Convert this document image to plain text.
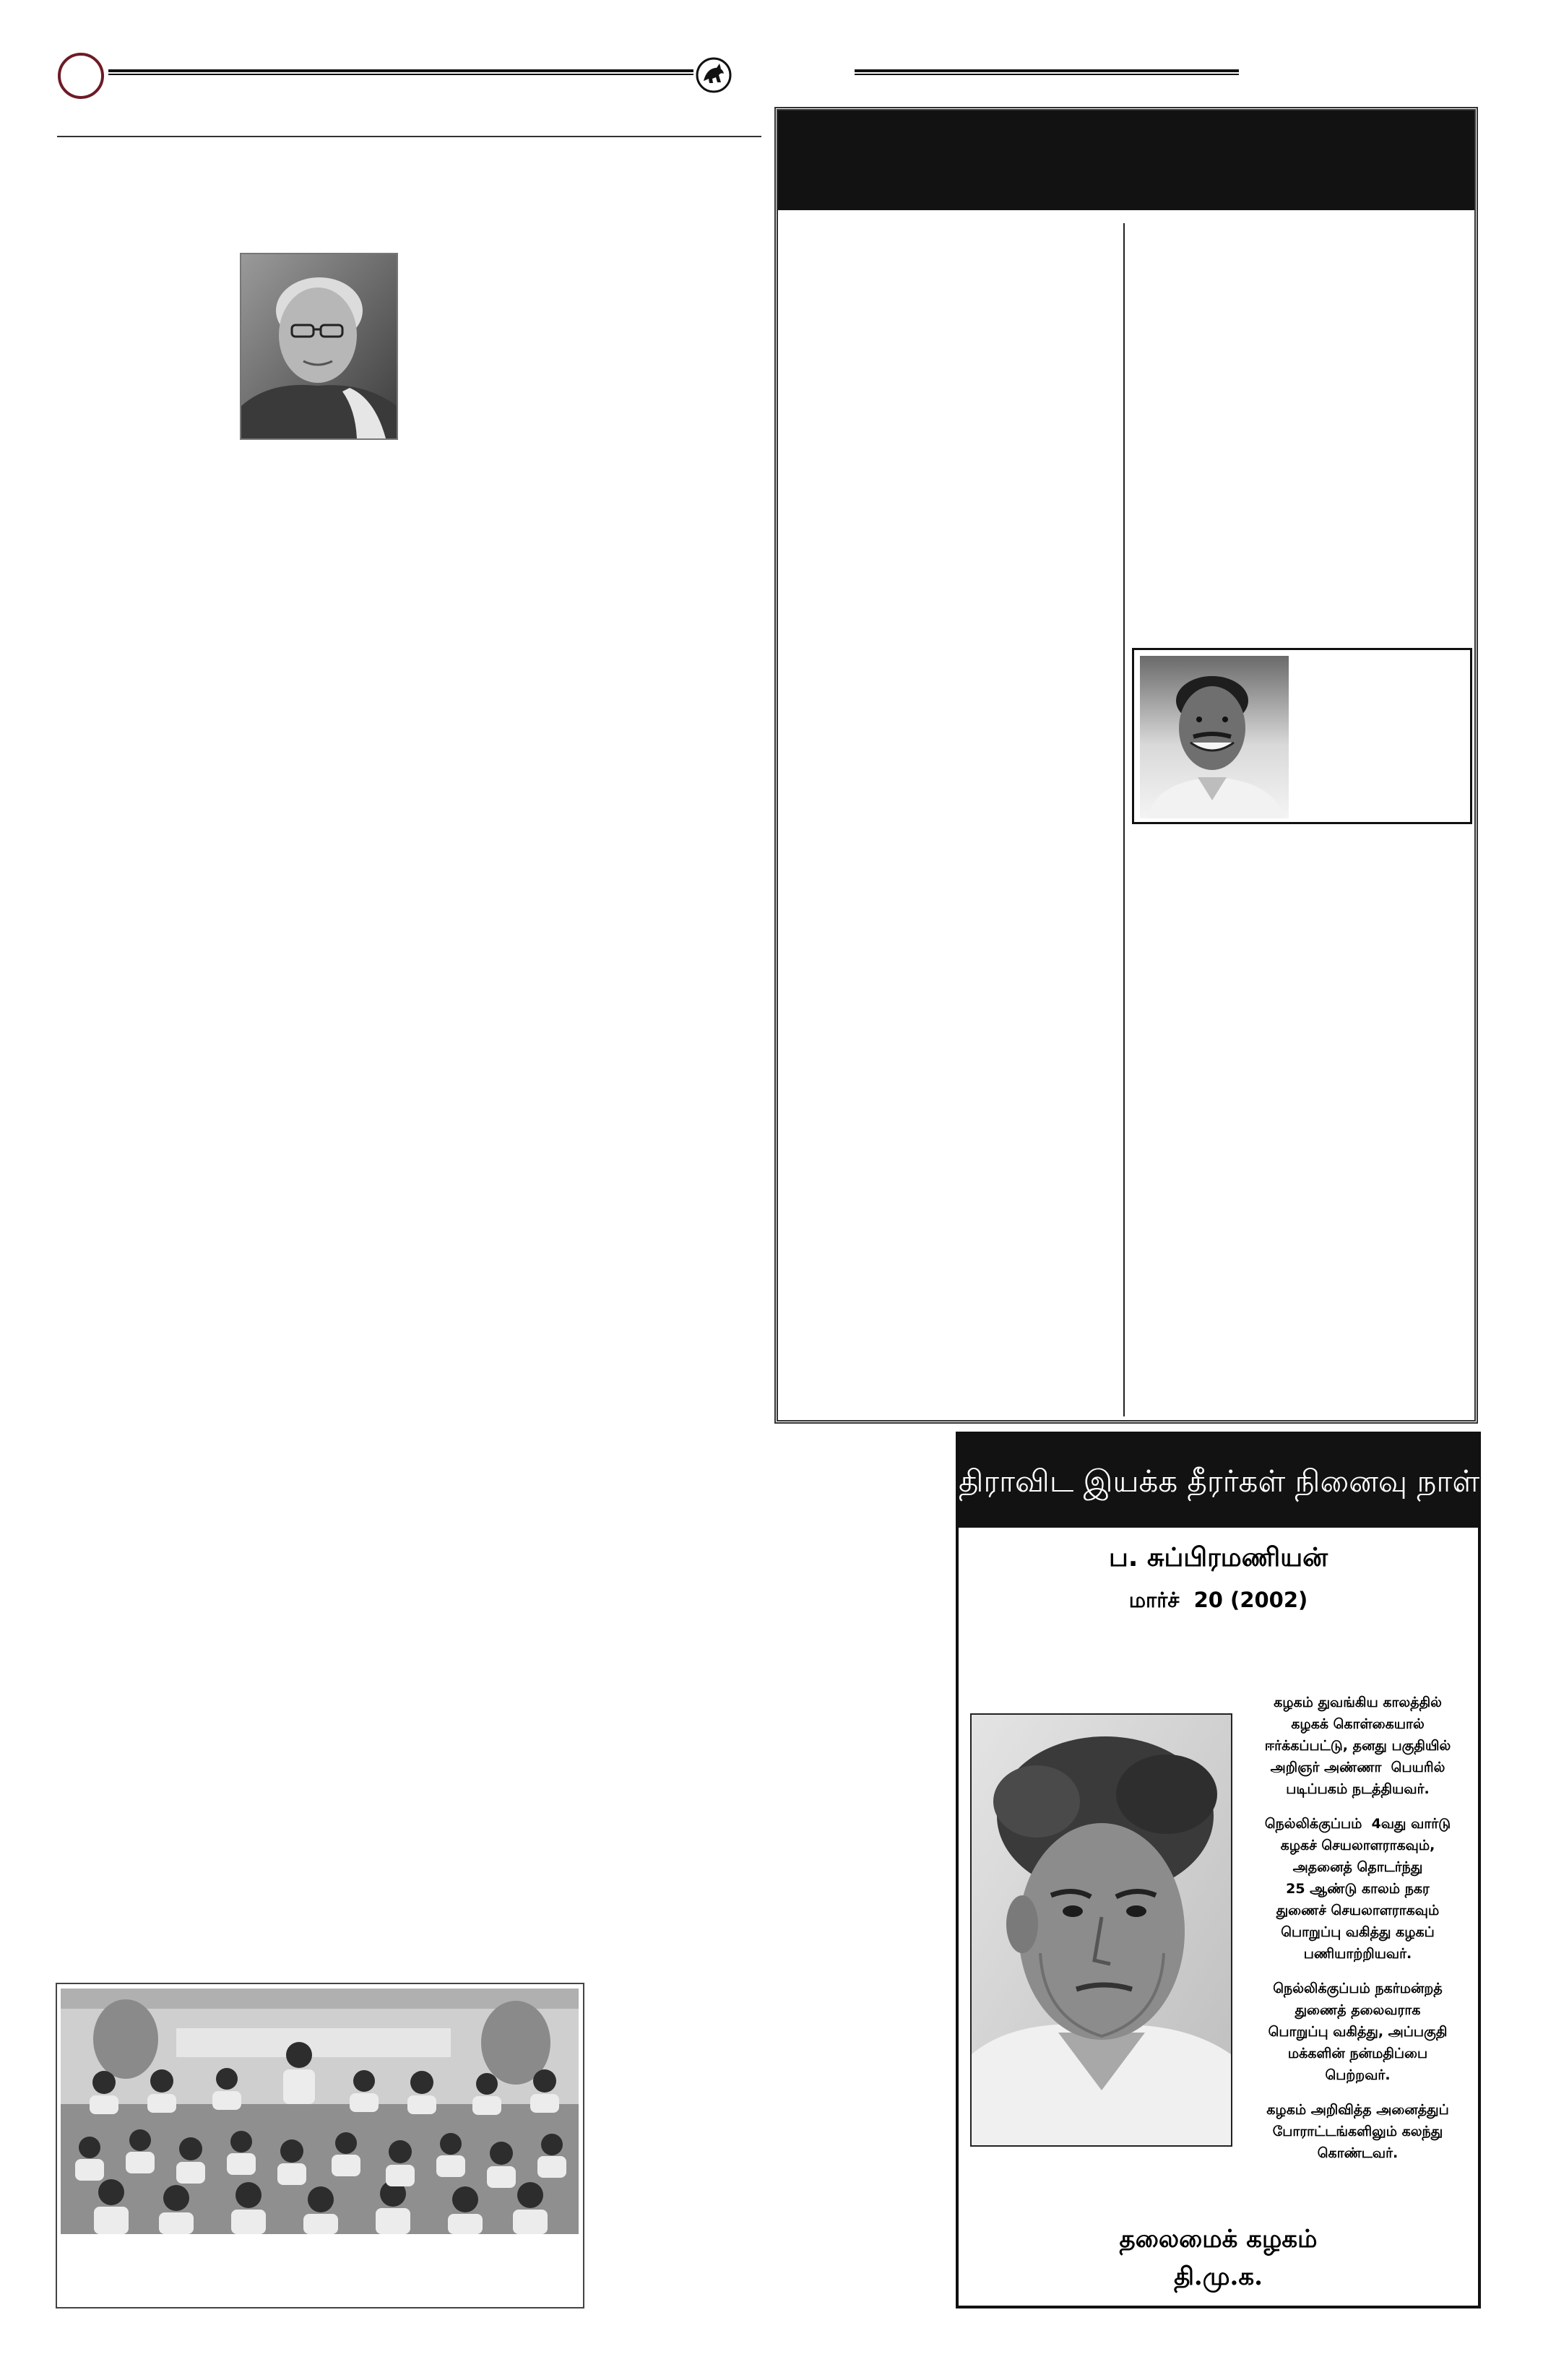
திராவிட இயக்க தீரர்கள் நினைவு நாள்
ப. சுப்பிரமணியன்
மார்ச்  20 (2002)
கழகம் துவங்கிய காலத்தில்
கழகக் கொள்கையால்
ஈர்க்கப்பட்டு, தனது பகுதியில்
அறிஞர் அண்ணா  பெயரில்
படிப்பகம் நடத்தியவர்.
நெல்லிக்குப்பம்  4வது வார்டு
கழகச் செயலாளராகவும்,
அதனைத் தொடர்ந்து
25 ஆண்டு காலம் நகர
துணைச் செயலாளராகவும்
பொறுப்பு வகித்து கழகப்
பணியாற்றியவர்.
நெல்லிக்குப்பம் நகர்மன்றத்
துணைத் தலைவராக
பொறுப்பு வகித்து, அப்பகுதி
மக்களின் நன்மதிப்பை
பெற்றவர்.
கழகம் அறிவித்த அனைத்துப்
போராட்டங்களிலும் கலந்து
கொண்டவர்.
தலைமைக் கழகம்
தி.மு.க.
